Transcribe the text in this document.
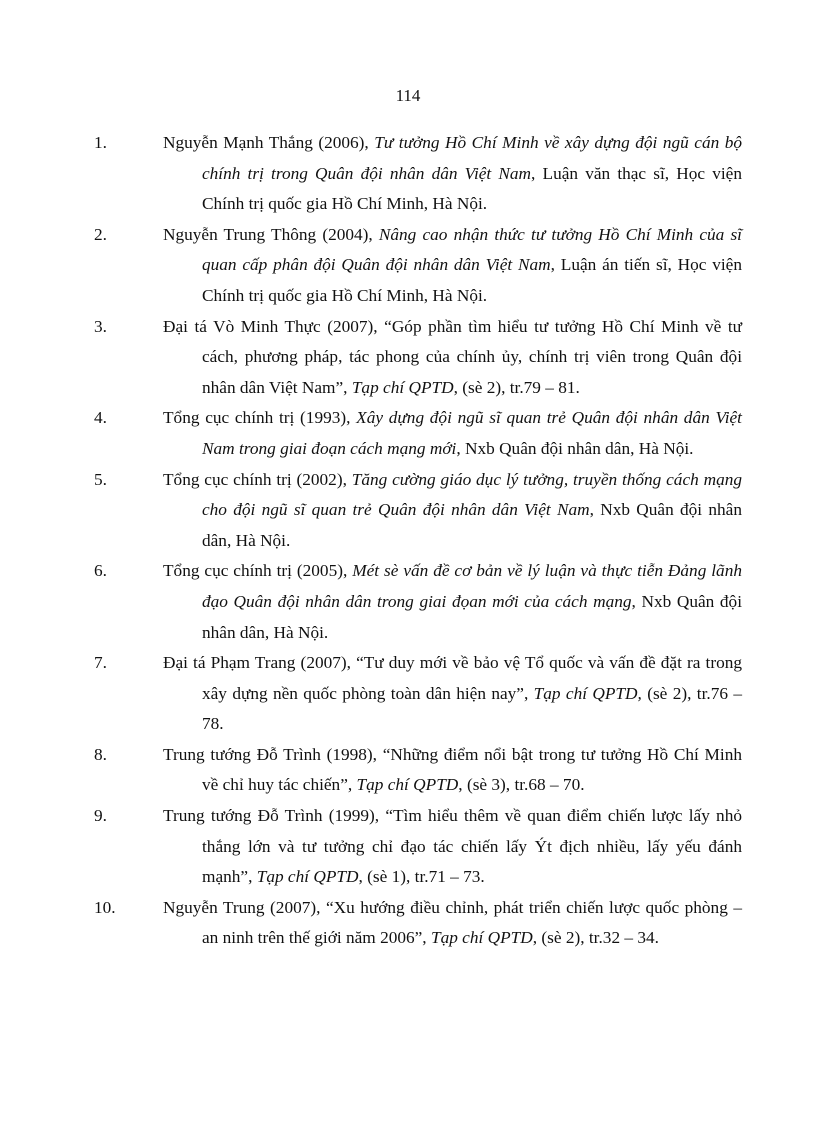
114
1.	Nguyễn Mạnh Thắng (2006), Tư tưởng Hồ Chí Minh về xây dựng đội ngũ cán bộ chính trị trong Quân đội nhân dân Việt Nam, Luận văn thạc sĩ, Học viện Chính trị quốc gia Hồ Chí Minh, Hà Nội.
2.	Nguyễn Trung Thông (2004), Nâng cao nhận thức tư tưởng Hồ Chí Minh của sĩ quan cấp phân đội Quân đội nhân dân Việt Nam, Luận án tiến sĩ, Học viện Chính trị quốc gia Hồ Chí Minh, Hà Nội.
3.	Đại tá Vò Minh Thực (2007), “Góp phần tìm hiểu tư tưởng Hồ Chí Minh về tư cách, phương pháp, tác phong của chính ủy, chính trị viên trong Quân đội nhân dân Việt Nam”, Tạp chí QPTD, (sè 2), tr.79 – 81.
4.	Tổng cục chính trị (1993), Xây dựng đội ngũ sĩ quan trẻ Quân đội nhân dân Việt Nam trong giai đoạn cách mạng mới, Nxb Quân đội nhân dân, Hà Nội.
5.	Tổng cục chính trị (2002), Tăng cường giáo dục lý tưởng, truyền thống cách mạng cho đội ngũ sĩ quan trẻ Quân đội nhân dân Việt Nam, Nxb Quân đội nhân dân, Hà Nội.
6.	Tổng cục chính trị (2005), Mét sè vấn đề cơ bản về lý luận và thực tiễn Đảng lãnh đạo Quân đội nhân dân trong giai đọan mới của cách mạng, Nxb Quân đội nhân dân, Hà Nội.
7.	Đại tá Phạm Trang (2007), “Tư duy mới về bảo vệ Tổ quốc và vấn đề đặt ra trong xây dựng nền quốc phòng toàn dân hiện nay”, Tạp chí QPTD, (sè 2), tr.76 – 78.
8.	Trung tướng Đỗ Trình (1998), “Những điểm nổi bật trong tư tưởng Hồ Chí Minh về chỉ huy tác chiến”, Tạp chí QPTD, (sè 3), tr.68 – 70.
9.	Trung tướng Đỗ Trình (1999), “Tìm hiểu thêm về quan điểm chiến lược lấy nhỏ thắng lớn và tư tưởng chỉ đạo tác chiến lấy Ýt địch nhiều, lấy yếu đánh mạnh”, Tạp chí QPTD, (sè 1), tr.71 – 73.
10.	Nguyễn Trung (2007), “Xu hướng điều chỉnh, phát triển chiến lược quốc phòng – an ninh trên thế giới năm 2006”, Tạp chí QPTD, (sè 2), tr.32 – 34.
